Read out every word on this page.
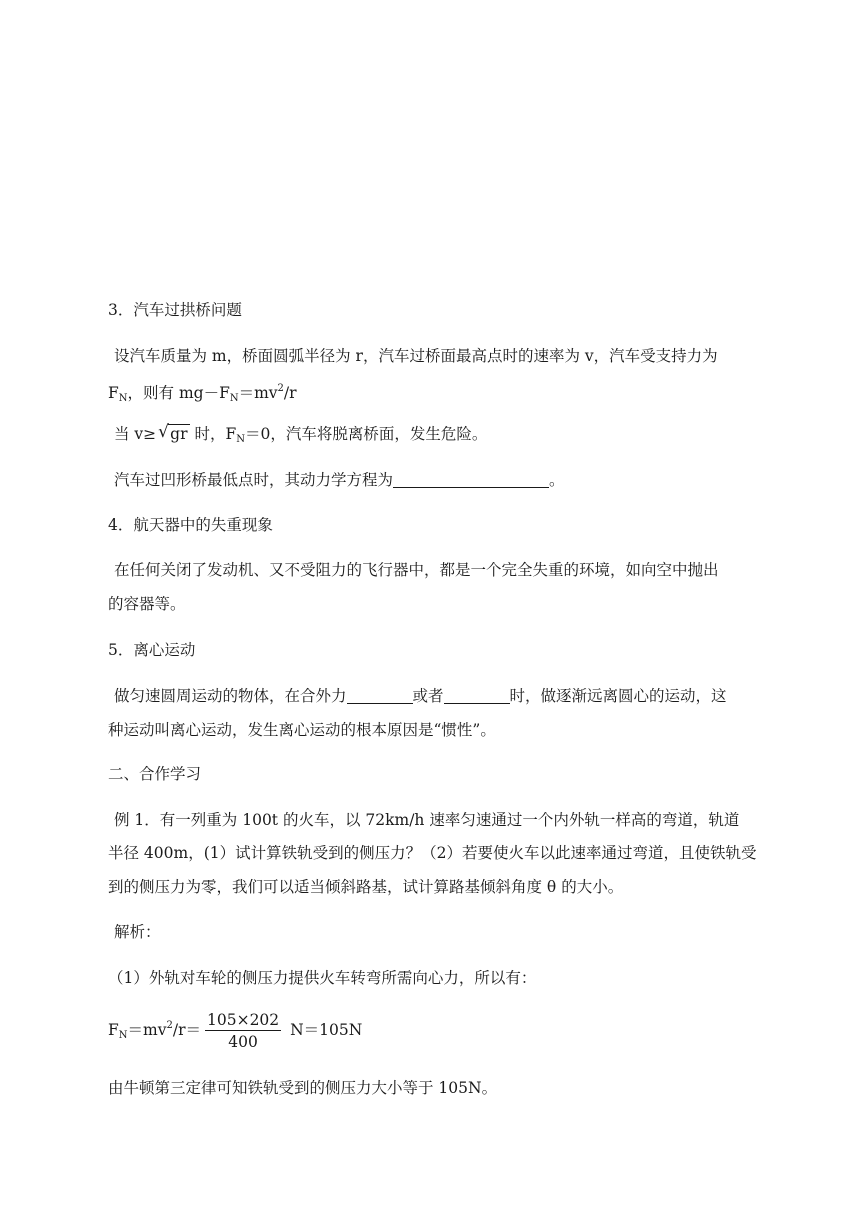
3．汽车过拱桥问题
设汽车质量为 m，桥面圆弧半径为 r，汽车过桥面最高点时的速率为 v，汽车受支持力为
$F_N$，则有 $mg-F_N=mv^2/r$
当 v≥ √ gr 时，$F_N=0$，汽车将脱离桥面，发生危险。
汽车过凹形桥最低点时，其动力学方程为	。
4．航天器中的失重现象
在任何关闭了发动机、又不受阻力的飞行器中，都是一个完全失重的环境，如向空中抛出
的容器等。
5．离心运动
做匀速圆周运动的物体，在合外力	或者	时，做逐渐远离圆心的运动，这
种运动叫离心运动，发生离心运动的根本原因是“惯性”。
二、合作学习
例 1．有一列重为 100t 的火车，以 72km/h 速率匀速通过一个内外轨一样高的弯道，轨道
半径 400m，(1）试计算铁轨受到的侧压力？（2）若要使火车以此速率通过弯道，且使铁轨受
到的侧压力为零，我们可以适当倾斜路基，试计算路基倾斜角度 θ 的大小。
解析：
（1）外轨对车轮的侧压力提供火车转弯所需向心力，所以有：
$F_N=mv^2/r= \frac{105\times 202}{400} N=105N$
由牛顿第三定律可知铁轨受到的侧压力大小等于 105N。
